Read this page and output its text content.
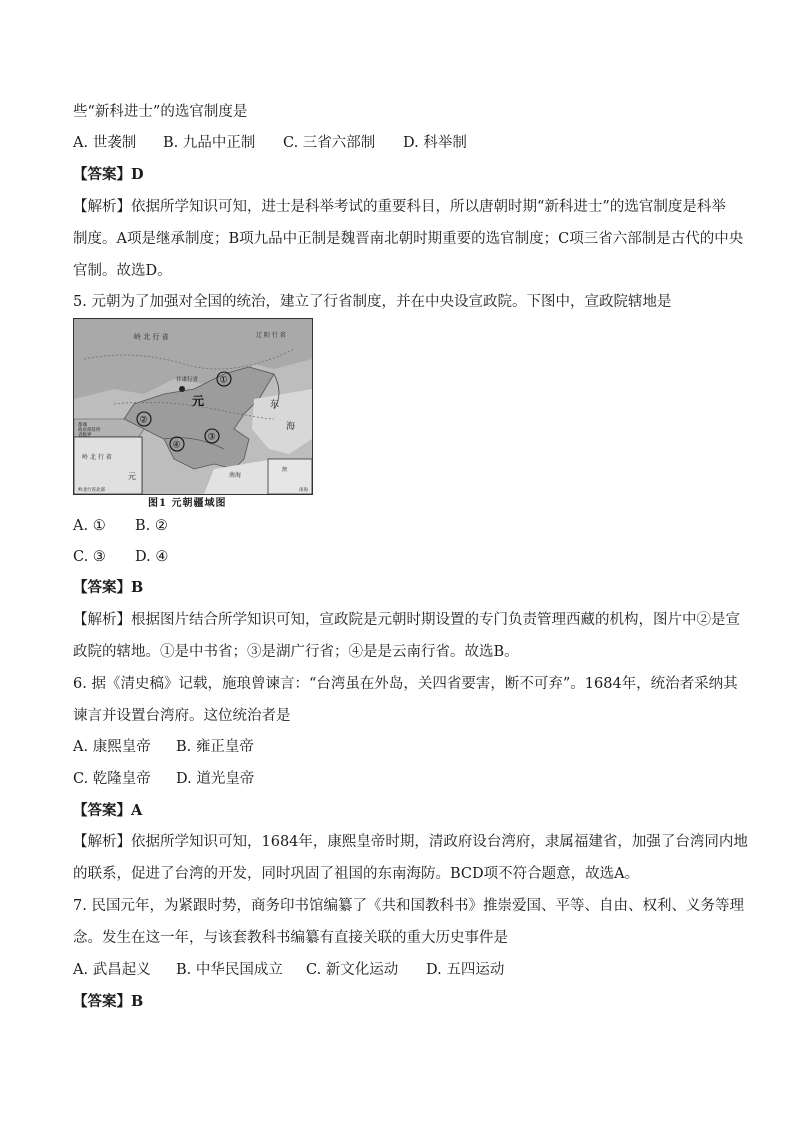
些“新科进士”的选官制度是
A. 世袭制 B. 九品中正制 C. 三省六部制 D. 科举制
【答案】D
【解析】依据所学知识可知，进士是科举考试的重要科目，所以唐朝时期“新科进士”的选官制度是科举
制度。A项是继承制度；B项九品中正制是魏晋南北朝时期重要的选官制度；C项三省六部制是古代的中央
官制。故选D。
5. 元朝为了加强对全国的统治，建立了行省制度，并在中央设宣政院。下图中，宣政院辖地是
岭 北 行 省	辽 阳 行 省
甘肃行省
元	东
海
南海
都城
政府部驻所
省级界
岭 北 行 省
元
岭北行省北部
澳
南海
①
②
③
④
图1 元朝疆域图
A. ① B. ②
C. ③ D. ④
【答案】B
【解析】根据图片结合所学知识可知，宣政院是元朝时期设置的专门负责管理西藏的机构，图片中②是宣
政院的辖地。①是中书省；③是湖广行省；④是是云南行省。故选B。
6. 据《清史稿》记载，施琅曾谏言：“台湾虽在外岛，关四省要害，断不可弃”。1684年，统治者采纳其
谏言并设置台湾府。这位统治者是
A. 康熙皇帝 B. 雍正皇帝
C. 乾隆皇帝 D. 道光皇帝
【答案】A
【解析】依据所学知识可知，1684年，康熙皇帝时期，清政府设台湾府，隶属福建省，加强了台湾同内地
的联系，促进了台湾的开发，同时巩固了祖国的东南海防。BCD项不符合题意，故选A。
7. 民国元年，为紧跟时势，商务印书馆编纂了《共和国教科书》推崇爱国、平等、自由、权利、义务等理
念。发生在这一年，与该套教科书编纂有直接关联的重大历史事件是
A. 武昌起义 B. 中华民国成立 C. 新文化运动 D. 五四运动
【答案】B
